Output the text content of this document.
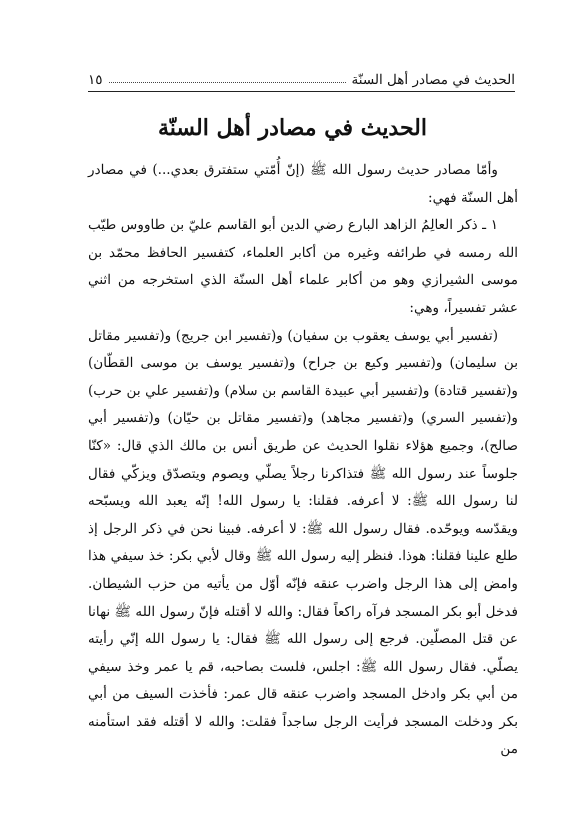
الحديث في مصادر أهل السنّة
١٥
الحديث في مصادر أهل السنّة

وأمّا مصادر حديث رسول الله ﷺ (إنّ أُمّتي ستفترق بعدي...) في مصادر أهل السنّة فهي:

١ ـ ذكر العالِمُ الزاهد البارع رضي الدين أبو القاسم عليّ بن طاووس طيّب الله رمسه في طرائفه وغيره من أكابر العلماء، كتفسير الحافظ محمّد بن موسى الشيرازي وهو من أكابر علماء أهل السنّة الذي استخرجه من اثني عشر تفسيراً، وهي:

(تفسير أبي يوسف يعقوب بن سفيان) و(تفسير ابن جريج) و(تفسير مقاتل بن سليمان) و(تفسير وكيع بن جراح) و(تفسير يوسف بن موسى القطّان) و(تفسير قتادة) و(تفسير أبي عبيدة القاسم بن سلام) و(تفسير علي بن حرب) و(تفسير السري) و(تفسير مجاهد) و(تفسير مقاتل بن حيّان) و(تفسير أبي صالح)، وجميع هؤلاء نقلوا الحديث عن طريق أنس بن مالك الذي قال: «كنّا جلوساً عند رسول الله ﷺ فتذاكرنا رجلاً يصلّي ويصوم ويتصدّق ويزكّي فقال لنا رسول الله ﷺ: لا أعرفه. فقلنا: يا رسول الله! إنّه يعبد الله ويسبّحه ويقدّسه ويوحّده. فقال رسول الله ﷺ: لا أعرفه. فبينا نحن في ذكر الرجل إذ طلع علينا فقلنا: هوذا. فنظر إليه رسول الله ﷺ وقال لأبي بكر: خذ سيفي هذا وامض إلى هذا الرجل واضرب عنقه فإنّه أوّل من يأتيه من حزب الشيطان. فدخل أبو بكر المسجد فرآه راكعاً فقال: والله لا أقتله فإنّ رسول الله ﷺ نهانا عن قتل المصلّين. فرجع إلى رسول الله ﷺ فقال: يا رسول الله إنّي رأيته يصلّي. فقال رسول الله ﷺ: اجلس، فلست بصاحبه، قم يا عمر وخذ سيفي من أبي بكر وادخل المسجد واضرب عنقه قال عمر: فأخذت السيف من أبي بكر ودخلت المسجد فرأيت الرجل ساجداً فقلت: والله لا أقتله فقد استأمنه من
